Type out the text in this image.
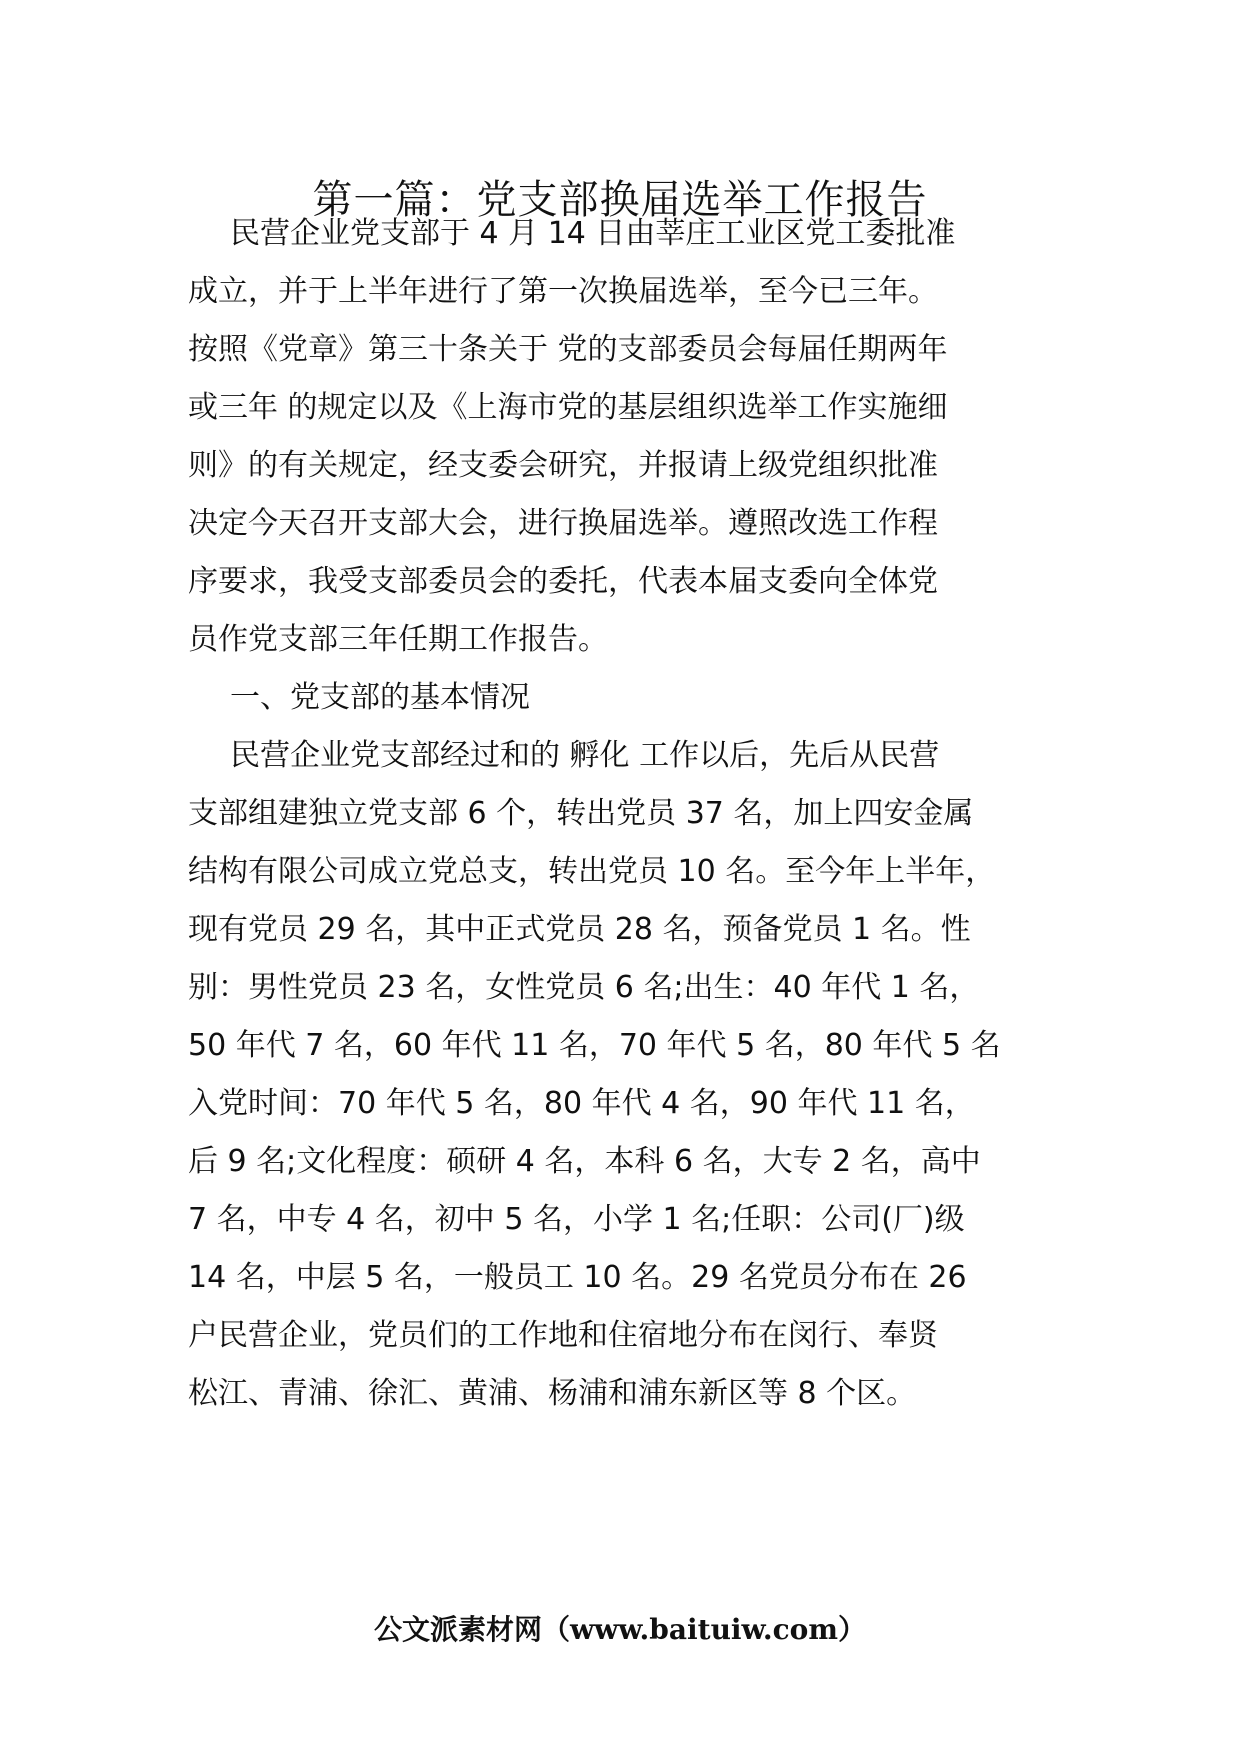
第一篇：党支部换届选举工作报告
民营企业党支部于 4 月 14 日由莘庄工业区党工委批准
成立，并于上半年进行了第一次换届选举，至今已三年。
按照《党章》第三十条关于 党的支部委员会每届任期两年
或三年 的规定以及《上海市党的基层组织选举工作实施细
则》的有关规定，经支委会研究，并报请上级党组织批准
决定今天召开支部大会，进行换届选举。遵照改选工作程
序要求，我受支部委员会的委托，代表本届支委向全体党
员作党支部三年任期工作报告。
一、党支部的基本情况
民营企业党支部经过和的 孵化 工作以后，先后从民营
支部组建独立党支部 6 个，转出党员 37 名，加上四安金属
结构有限公司成立党总支，转出党员 10 名。至今年上半年，
现有党员 29 名，其中正式党员 28 名，预备党员 1 名。性
别：男性党员 23 名，女性党员 6 名;出生：40 年代 1 名，
50 年代 7 名，60 年代 11 名，70 年代 5 名，80 年代 5 名
入党时间：70 年代 5 名，80 年代 4 名，90 年代 11 名，
后 9 名;文化程度：硕研 4 名，本科 6 名，大专 2 名，高中
7 名，中专 4 名，初中 5 名，小学 1 名;任职：公司(厂)级
14 名，中层 5 名，一般员工 10 名。29 名党员分布在 26
户民营企业，党员们的工作地和住宿地分布在闵行、奉贤
松江、青浦、徐汇、黄浦、杨浦和浦东新区等 8 个区。
公文派素材网（www.baituiw.com）
